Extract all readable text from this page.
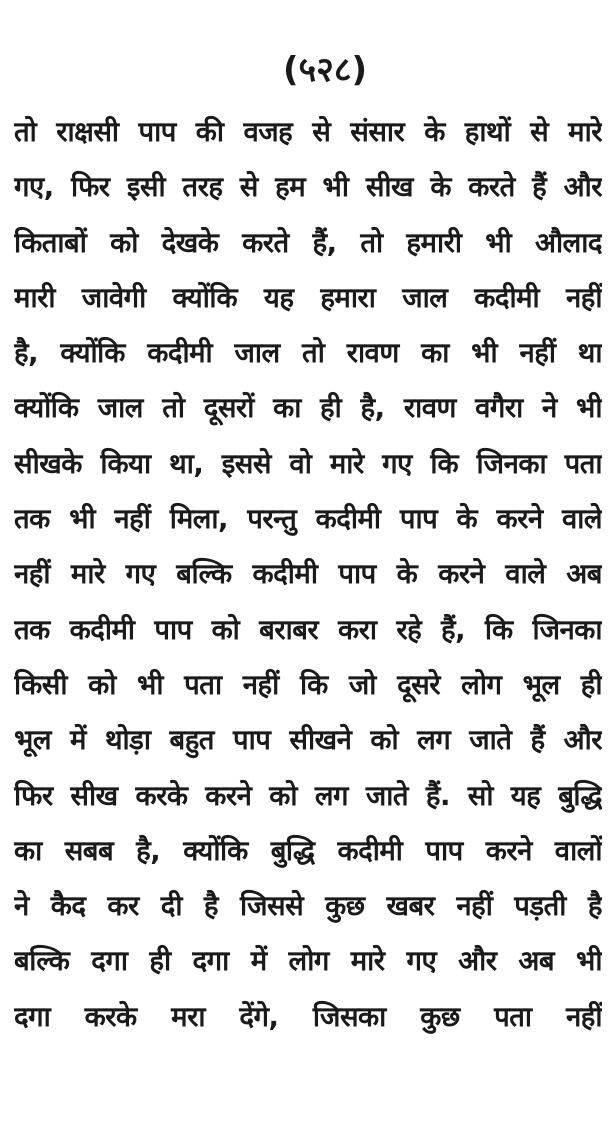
(५२८)
तो राक्षसी पाप की वजह से संसार के हाथों से मारे
गए, फिर इसी तरह से हम भी सीख के करते हैं और
किताबों को देखके करते हैं, तो हमारी भी औलाद
मारी जावेगी क्योंकि यह हमारा जाल कदीमी नहीं
है, क्योंकि कदीमी जाल तो रावण का भी नहीं था
क्योंकि जाल तो दूसरों का ही है, रावण वगैरा ने भी
सीखके किया था, इससे वो मारे गए कि जिनका पता
तक भी नहीं मिला, परन्तु कदीमी पाप के करने वाले
नहीं मारे गए बल्कि कदीमी पाप के करने वाले अब
तक कदीमी पाप को बराबर करा रहे हैं, कि जिनका
किसी को भी पता नहीं कि जो दूसरे लोग भूल ही
भूल में थोड़ा बहुत पाप सीखने को लग जाते हैं और
फिर सीख करके करने को लग जाते हैं. सो यह बुद्धि
का सबब है, क्योंकि बुद्धि कदीमी पाप करने वालों
ने कैद कर दी है जिससे कुछ खबर नहीं पड़ती है
बल्कि दगा ही दगा में लोग मारे गए और अब भी
दगा करके मरा देंगे, जिसका कुछ पता नहीं
